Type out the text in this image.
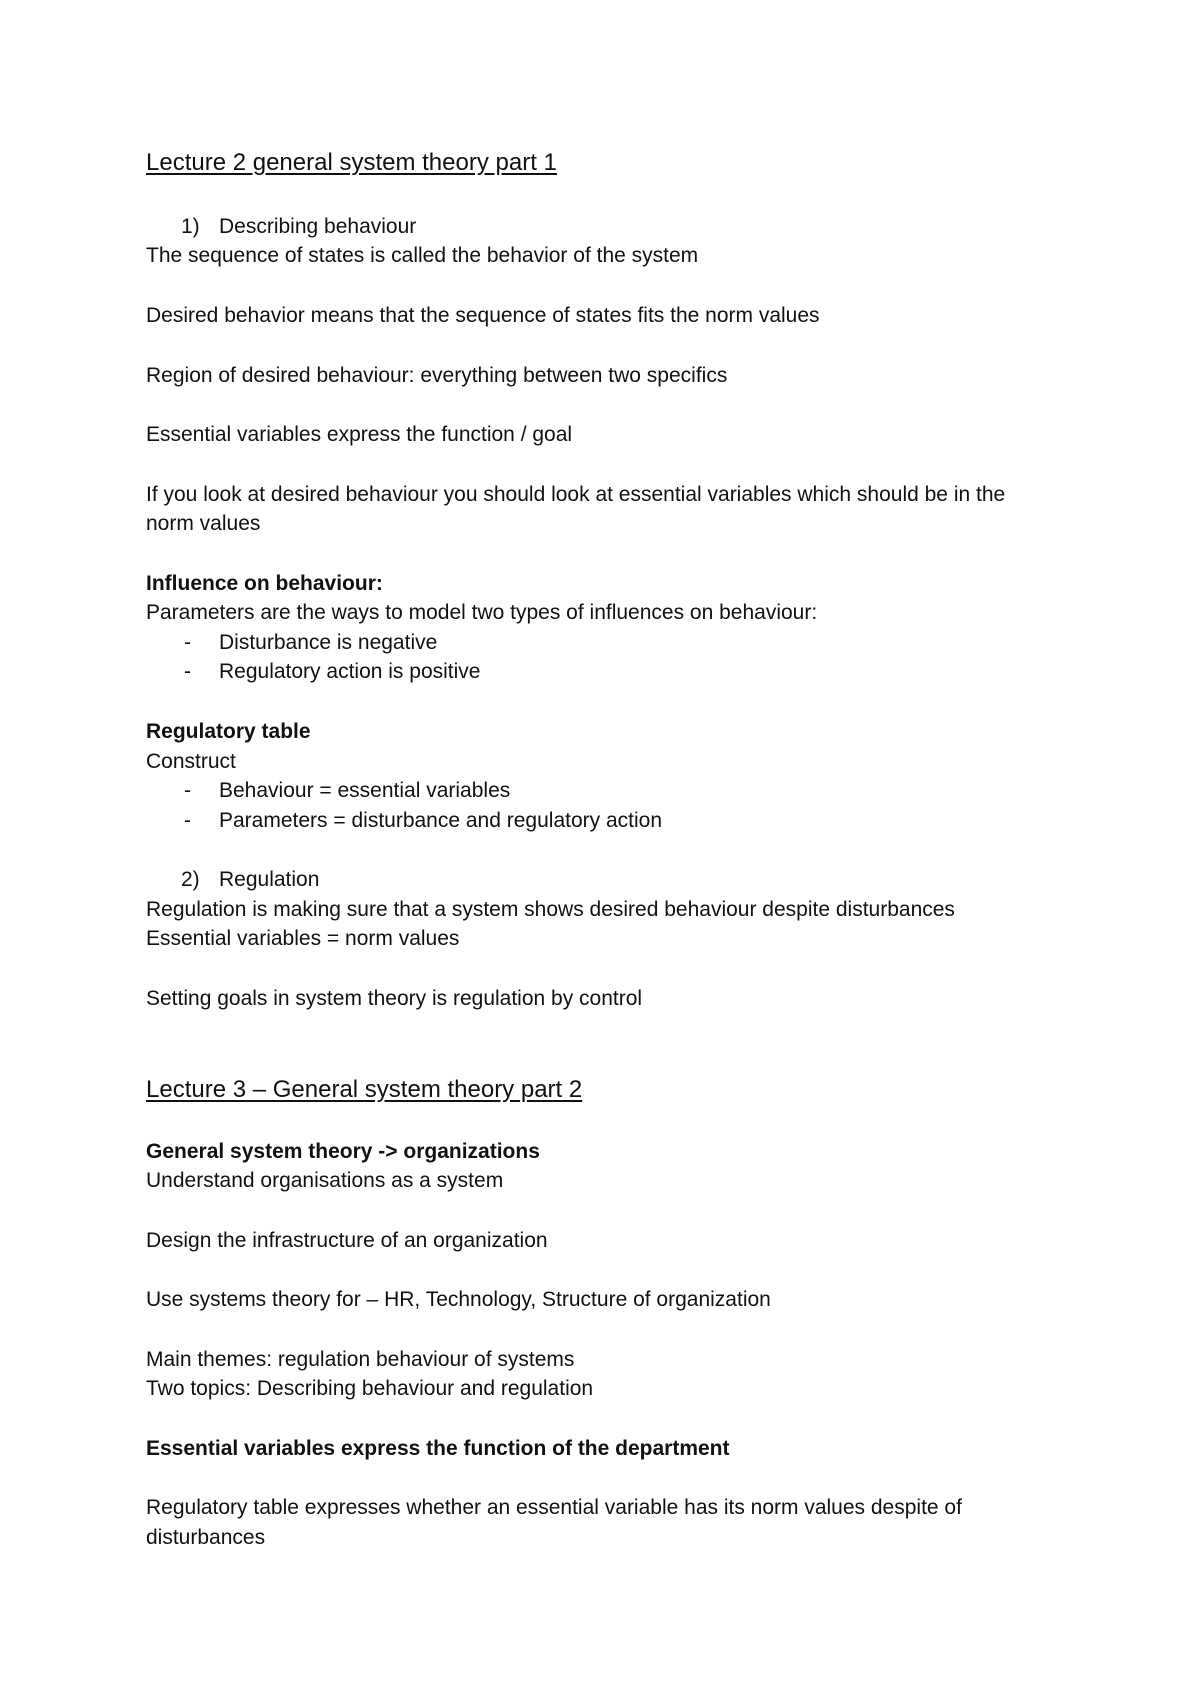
Lecture 2 general system theory part 1
1) Describing behaviour
The sequence of states is called the behavior of the system
Desired behavior means that the sequence of states fits the norm values
Region of desired behaviour: everything between two specifics
Essential variables express the function / goal
If you look at desired behaviour you should look at essential variables which should be in the
norm values
Influence on behaviour:
Parameters are the ways to model two types of influences on behaviour:
- Disturbance is negative
- Regulatory action is positive
Regulatory table
Construct
- Behaviour = essential variables
- Parameters = disturbance and regulatory action
2) Regulation
Regulation is making sure that a system shows desired behaviour despite disturbances
Essential variables = norm values
Setting goals in system theory is regulation by control
Lecture 3 – General system theory part 2
General system theory -> organizations
Understand organisations as a system
Design the infrastructure of an organization
Use systems theory for – HR, Technology, Structure of organization
Main themes: regulation behaviour of systems
Two topics: Describing behaviour and regulation
Essential variables express the function of the department
Regulatory table expresses whether an essential variable has its norm values despite of
disturbances
